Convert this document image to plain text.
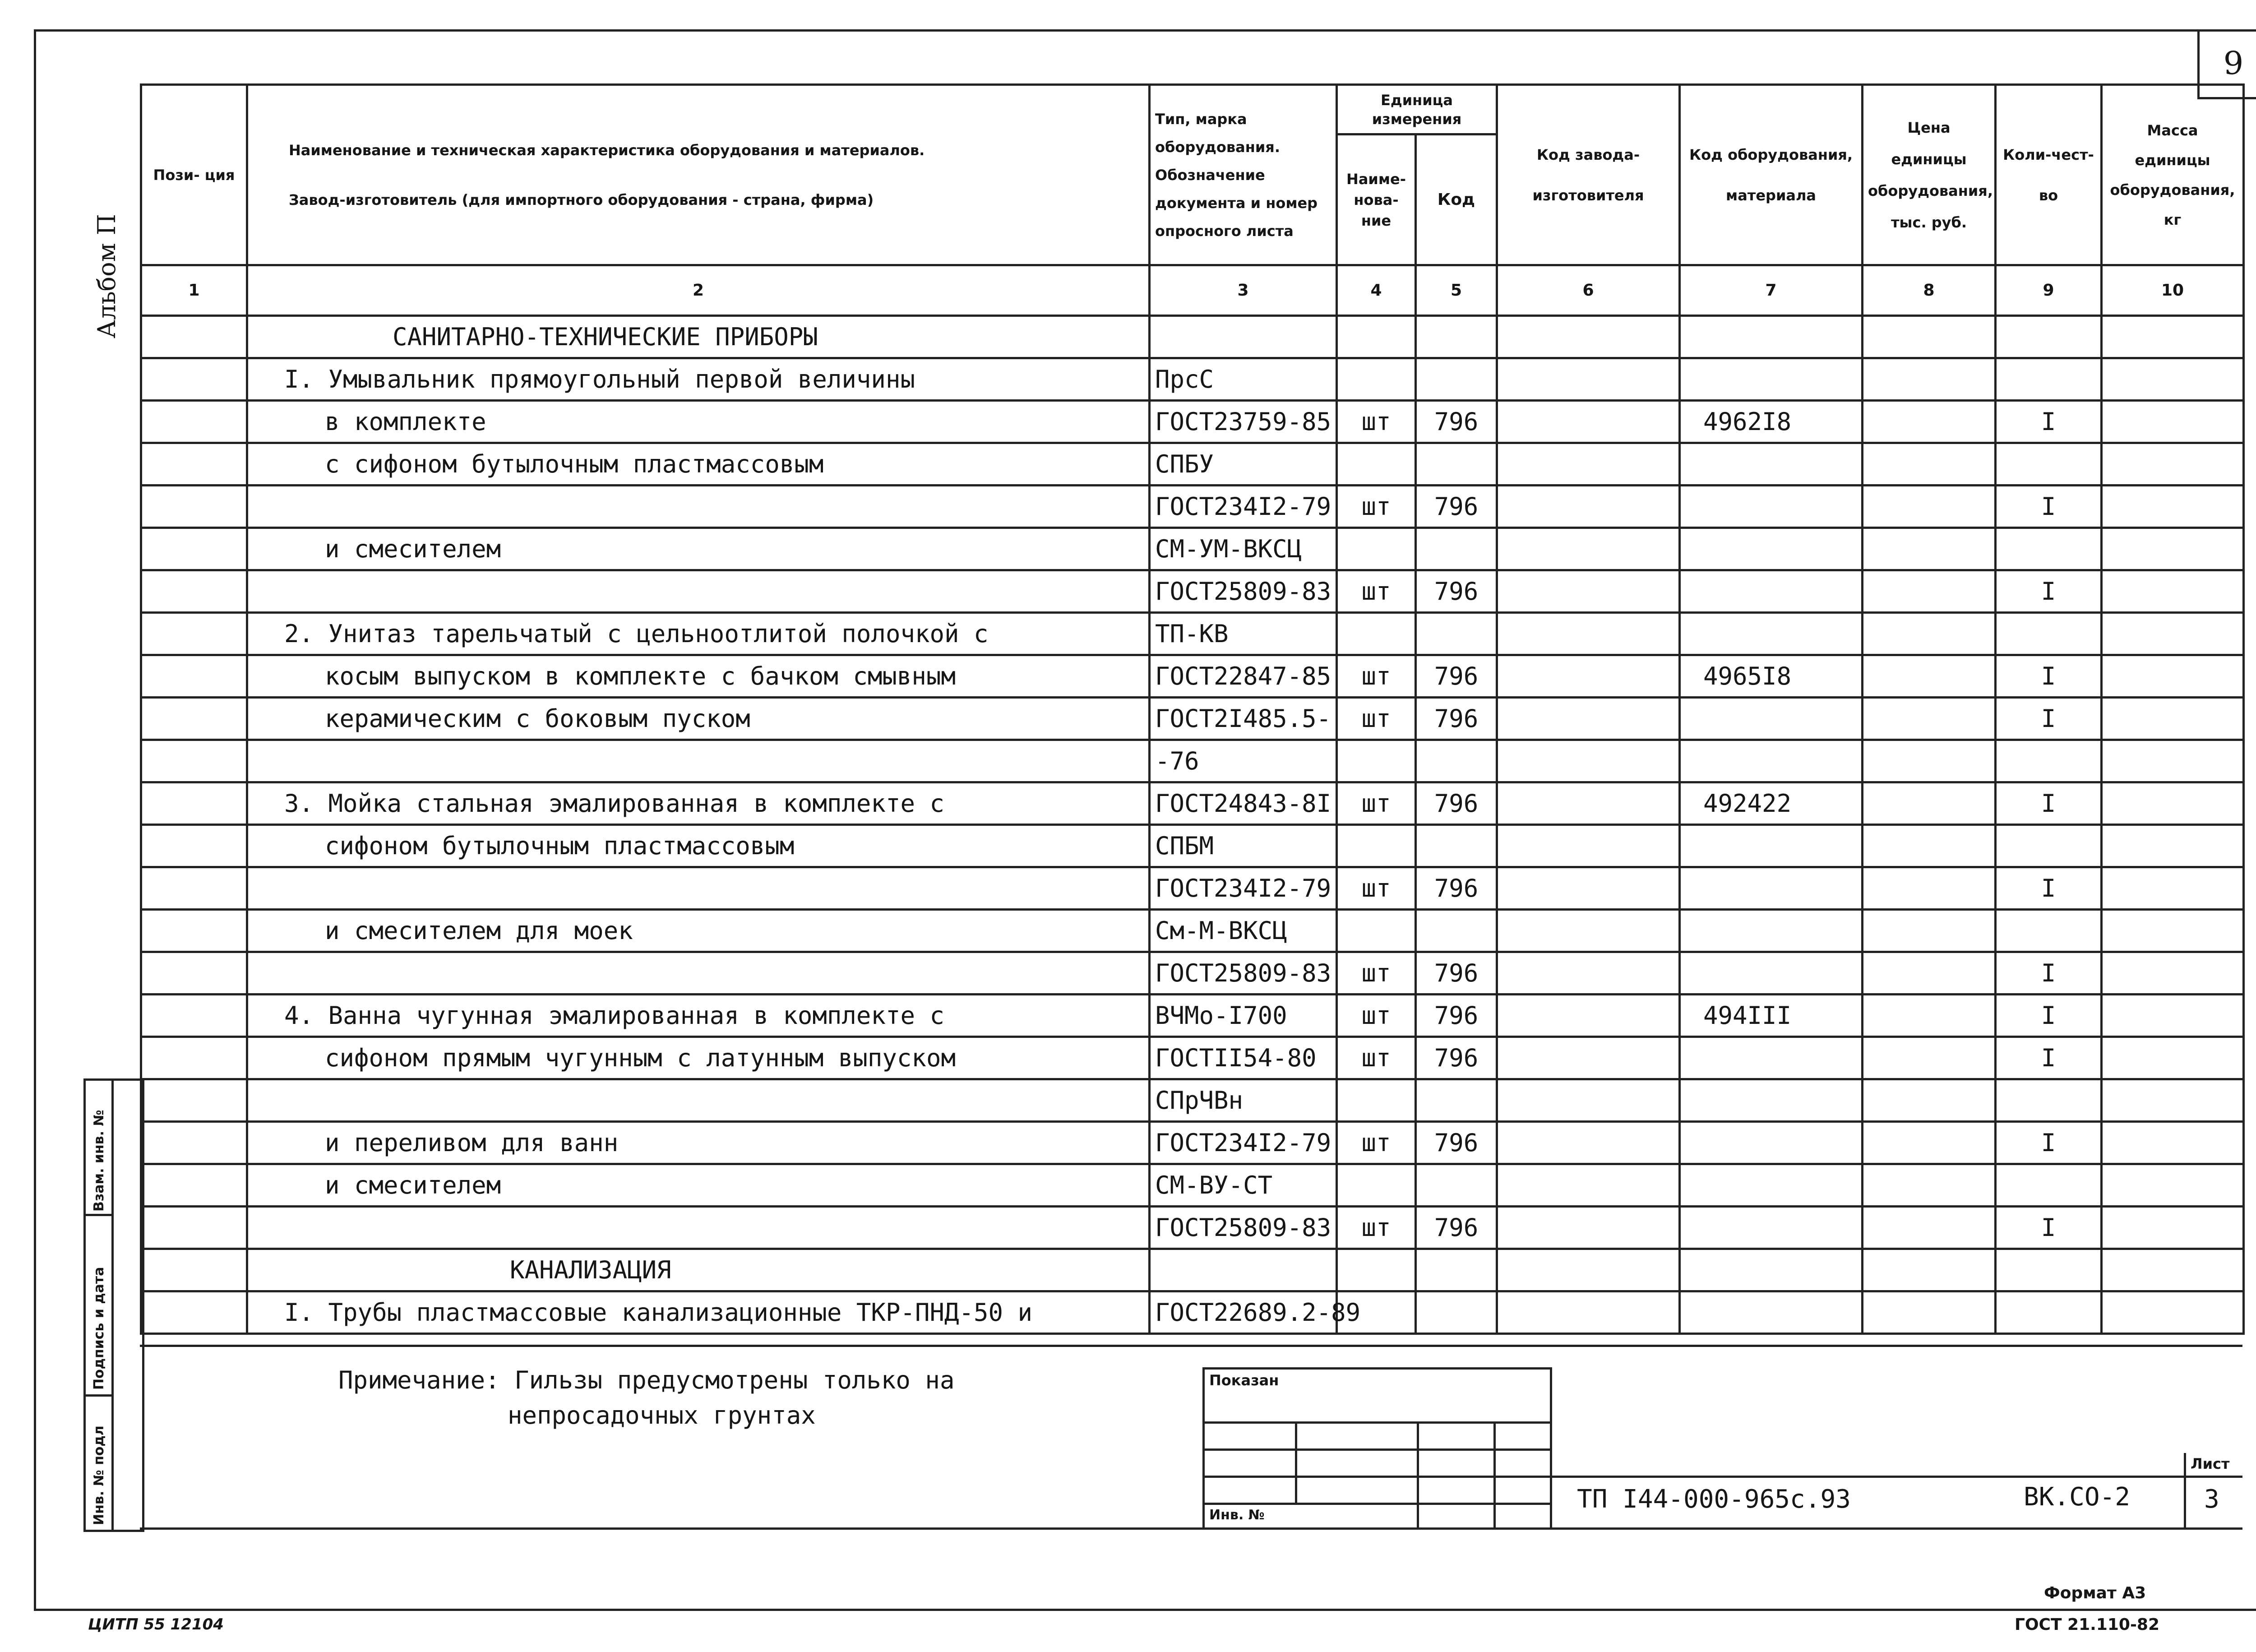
9
Альбом П
Пози- ция	Наименование и техническая характеристика оборудования и материалов.
Завод-изготовитель (для импортного оборудования - страна, фирма)	Тип, марка оборудования. Обозначение документа и номер опросного листа	Единица измерения		Код завода-изготовителя	Код оборудования, материала	Цена единицы оборудования, тыс. руб.	Коли-чест-во	Масса единицы оборудования, кг
			Наиме-нова-ние	Код					
1	2	3	4	5	6	7	8	9	10
	САНИТАРНО-ТЕХНИЧЕСКИЕ ПРИБОРЫ								
	I. Умывальник прямоугольный первой величины	ПрсС							
	в комплекте	ГОСТ23759-85	шт	796		4962I8		I	
	с сифоном бутылочным пластмассовым	СПБУ							
		ГОСТ234I2-79	шт	796				I	
	и смесителем	СМ-УМ-ВКСЦ							
		ГОСТ25809-83	шт	796				I	
	2. Унитаз тарельчатый с цельноотлитой полочкой с	ТП-КВ							
	косым выпуском в комплекте с бачком смывным	ГОСТ22847-85	шт	796		4965I8		I	
	керамическим с боковым пуском	ГОСТ2I485.5-	шт	796				I	
		-76							
	3. Мойка стальная эмалированная в комплекте с	ГОСТ24843-8I	шт	796		492422		I	
	сифоном бутылочным пластмассовым	СПБМ							
		ГОСТ234I2-79	шт	796				I	
	и смесителем для моек	См-М-ВКСЦ							
		ГОСТ25809-83	шт	796				I	
	4. Ванна чугунная эмалированная в комплекте с	ВЧМо-I700	шт	796		494III		I	
	сифоном прямым чугунным с латунным выпуском	ГОСТII54-80	шт	796				I	
		СПрЧВн							
	и переливом для ванн	ГОСТ234I2-79	шт	796				I	
	и смесителем	СМ-ВУ-СТ							
		ГОСТ25809-83	шт	796				I	
	КАНАЛИЗАЦИЯ								
	I. Трубы пластмассовые канализационные ТКР-ПНД-50 и	ГОСТ22689.2-89							
Примечание: Гильзы предусмотрены только на
непросадочных грунтах
Показан
Инв. №
ТП I44-000-965с.93	ВК.СО-2
Лист
3
Взам. инв. №
Подпись и дата
Инв. № подл
ЦИТП 55 12104
Формат А3
ГОСТ 21.110-82
